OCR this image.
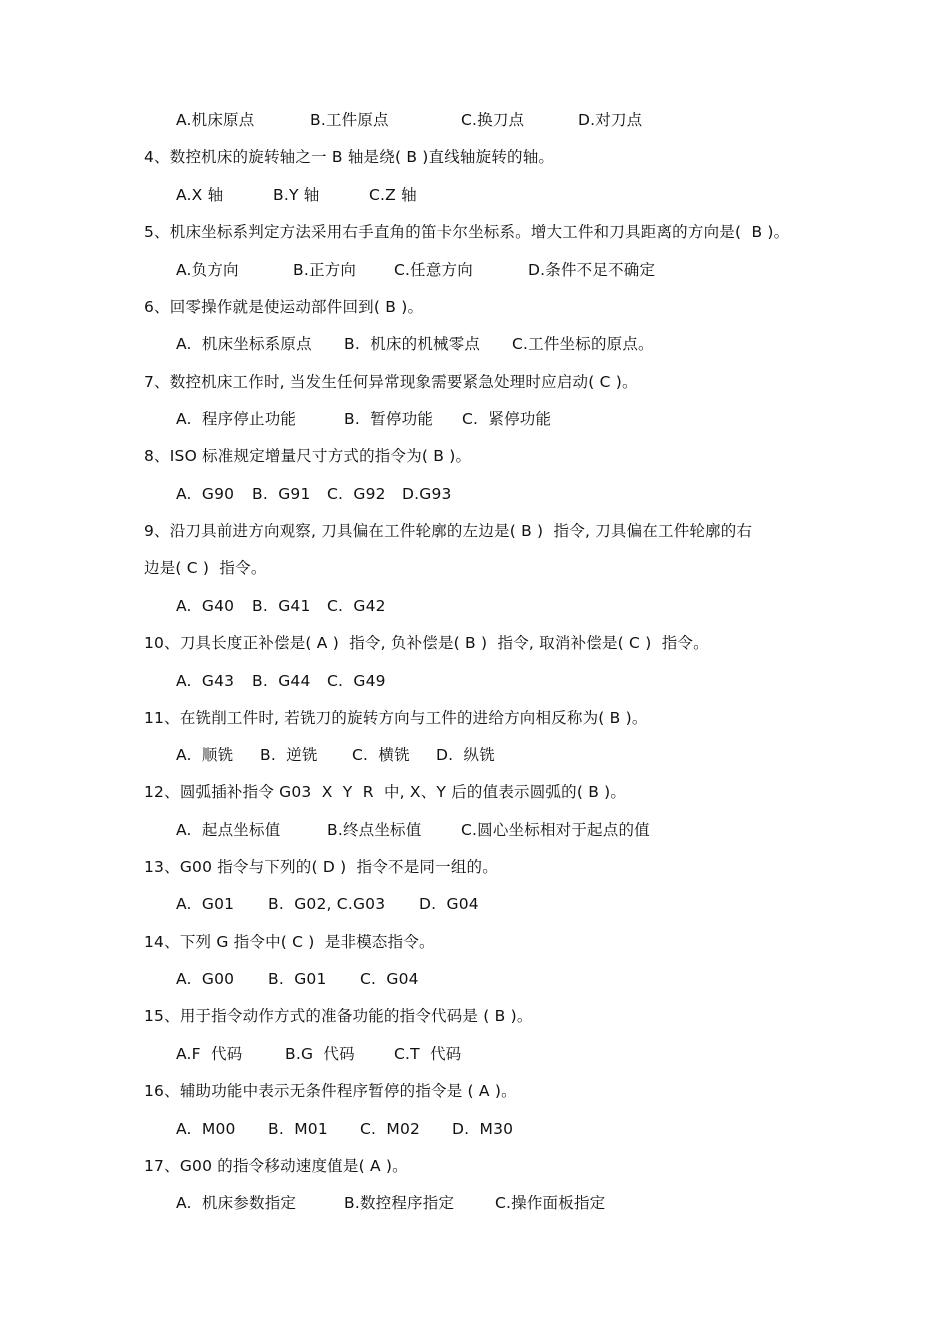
A.机床原点

	B.工件原点

	C.换刀点

	D.对刀点

4、数控机床的旋转轴之一 B 轴是绕( B )直线轴旋转的轴。

A.X 轴

	B.Y 轴

	C.Z 轴

5、机床坐标系判定方法采用右手直角的笛卡尔坐标系。增大工件和刀具距离的方向是(  B )。

A.负方向

	B.正方向

C.任意方向

	D.条件不足不确定

6、回零操作就是使运动部件回到( B )。

A.  机床坐标系原点

B.  机床的机械零点

C.工件坐标的原点。

7、数控机床工作时, 当发生任何异常现象需要紧急处理时应启动( C )。

A.  程序停止功能

	B.  暂停功能

C.  紧停功能

8、ISO 标准规定增量尺寸方式的指令为( B )。

A.  G90

B.  G91

C.  G92

D.G93

9、沿刀具前进方向观察, 刀具偏在工件轮廓的左边是( B )  指令, 刀具偏在工件轮廓的右
边是( C )  指令。

A.  G40

B.  G41

C.  G42

10、刀具长度正补偿是( A )  指令, 负补偿是( B )  指令, 取消补偿是( C )  指令。

A.  G43

B.  G44

C.  G49

11、在铣削工件时, 若铣刀的旋转方向与工件的进给方向相反称为( B )。

A.  顺铣

B.  逆铣

C.  横铣

D.  纵铣

12、圆弧插补指令 G03  X  Y  R  中, X、Y 后的值表示圆弧的( B )。

A.  起点坐标值

	B.终点坐标值

	C.圆心坐标相对于起点的值

13、G00 指令与下列的( D )  指令不是同一组的。

A.  G01

B.  G02, C.G03

D.  G04

14、下列 G 指令中( C )  是非模态指令。

A.  G00

B.  G01

C.  G04

15、用于指令动作方式的准备功能的指令代码是 ( B )。

A.F  代码

	B.G  代码

	C.T  代码

16、辅助功能中表示无条件程序暂停的指令是 ( A )。

A.  M00

B.  M01

C.  M02

D.  M30

17、G00 的指令移动速度值是( A )。

A.  机床参数指定

	B.数控程序指定

	C.操作面板指定
